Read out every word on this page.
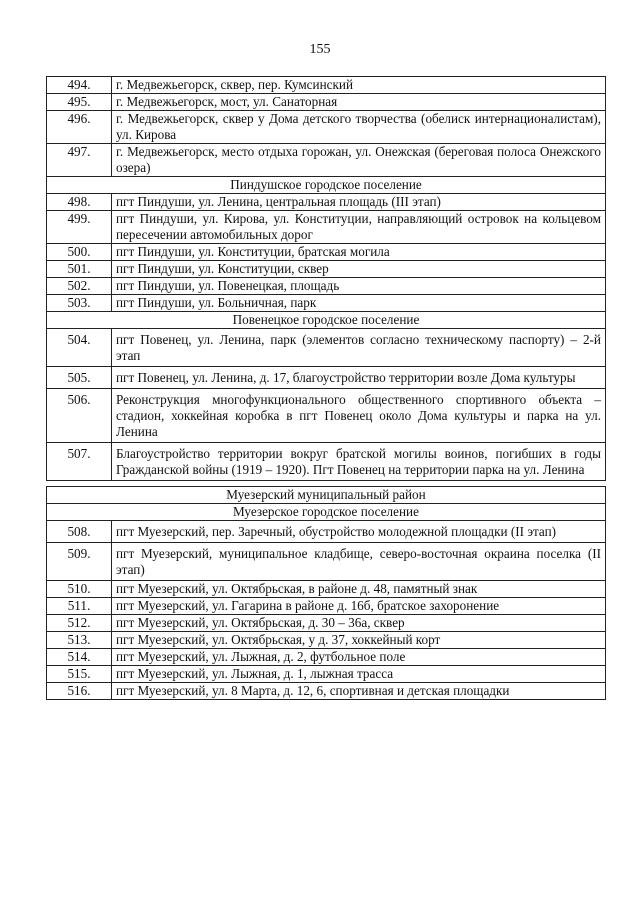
155
494.	г. Медвежьегорск, сквер, пер. Кумсинский
495.	г. Медвежьегорск, мост, ул. Санаторная
496.	г. Медвежьегорск, сквер у Дома детского творчества (обелиск интернационалистам), ул. Кирова
497.	г. Медвежьегорск, место отдыха горожан, ул. Онежская (береговая полоса Онежского озера)
Пиндушское городское поселение	
498.	пгт Пиндуши, ул. Ленина, центральная площадь (III этап)
499.	пгт Пиндуши, ул. Кирова, ул. Конституции, направляющий островок на кольцевом пересечении автомобильных дорог
500.	пгт Пиндуши, ул. Конституции, братская могила
501.	пгт Пиндуши, ул. Конституции, сквер
502.	пгт Пиндуши, ул. Повенецкая, площадь
503.	пгт Пиндуши, ул. Больничная, парк
Повенецкое городское поселение	
504.	пгт Повенец, ул. Ленина, парк (элементов согласно техническому паспорту) – 2-й этап
505.	пгт Повенец, ул. Ленина, д. 17, благоустройство территории возле Дома культуры
506.	Реконструкция многофункционального общественного спортивного объекта – стадион, хоккейная коробка в пгт Повенец около Дома культуры и парка на ул. Ленина
507.	Благоустройство территории вокруг братской могилы воинов, погибших в годы Гражданской войны (1919 – 1920). Пгт Повенец на территории парка на ул. Ленина

Муезерский муниципальный район	
Муезерское городское поселение	
508.	пгт Муезерский, пер. Заречный, обустройство молодежной площадки (II этап)
509.	пгт Муезерский, муниципальное кладбище, северо-восточная окраина поселка (II этап)
510.	пгт Муезерский, ул. Октябрьская, в районе д. 48, памятный знак
511.	пгт Муезерский, ул. Гагарина в районе д. 16б, братское захоронение
512.	пгт Муезерский, ул. Октябрьская, д. 30 – 36а, сквер
513.	пгт Муезерский, ул. Октябрьская, у д. 37, хоккейный корт
514.	пгт Муезерский, ул. Лыжная, д. 2, футбольное поле
515.	пгт Муезерский, ул. Лыжная, д. 1, лыжная трасса
516.	пгт Муезерский, ул. 8 Марта, д. 12, 6, спортивная и детская площадки
